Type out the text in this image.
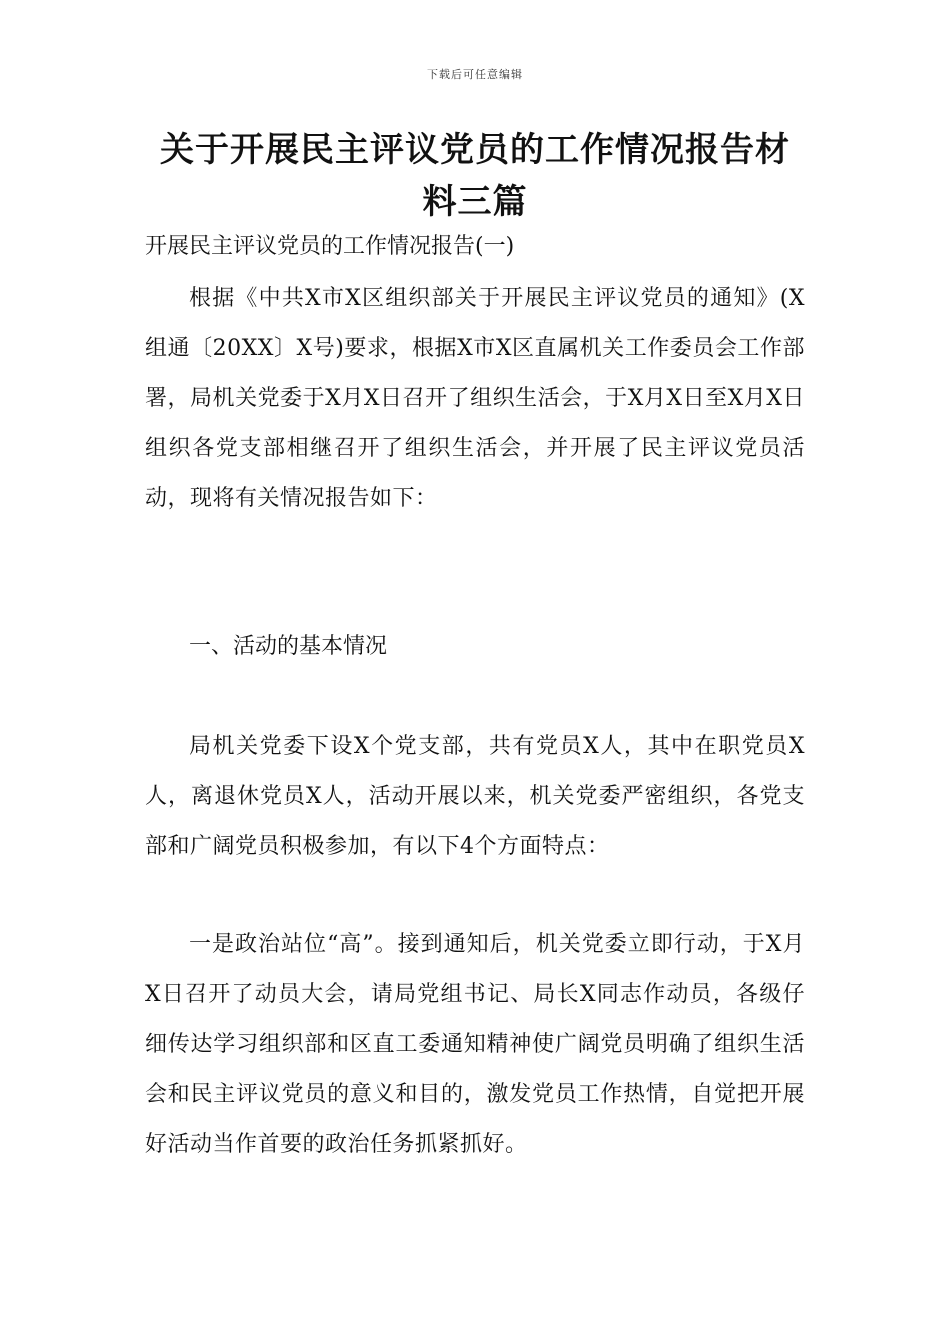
下载后可任意编辑
关于开展民主评议党员的工作情况报告材料三篇

开展民主评议党员的工作情况报告(一)

根据《中共X市X区组织部关于开展民主评议党员的通知》(X组通〔20XX〕X号)要求，根据X市X区直属机关工作委员会工作部署，局机关党委于X月X日召开了组织生活会，于X月X日至X月X日组织各党支部相继召开了组织生活会，并开展了民主评议党员活动，现将有关情况报告如下：

一、活动的基本情况

局机关党委下设X个党支部，共有党员X人，其中在职党员X人，离退休党员X人，活动开展以来，机关党委严密组织，各党支部和广阔党员积极参加，有以下4个方面特点：

一是政治站位“高”。接到通知后，机关党委立即行动，于X月X日召开了动员大会，请局党组书记、局长X同志作动员，各级仔细传达学习组织部和区直工委通知精神使广阔党员明确了组织生活会和民主评议党员的意义和目的，激发党员工作热情，自觉把开展好活动当作首要的政治任务抓紧抓好。
